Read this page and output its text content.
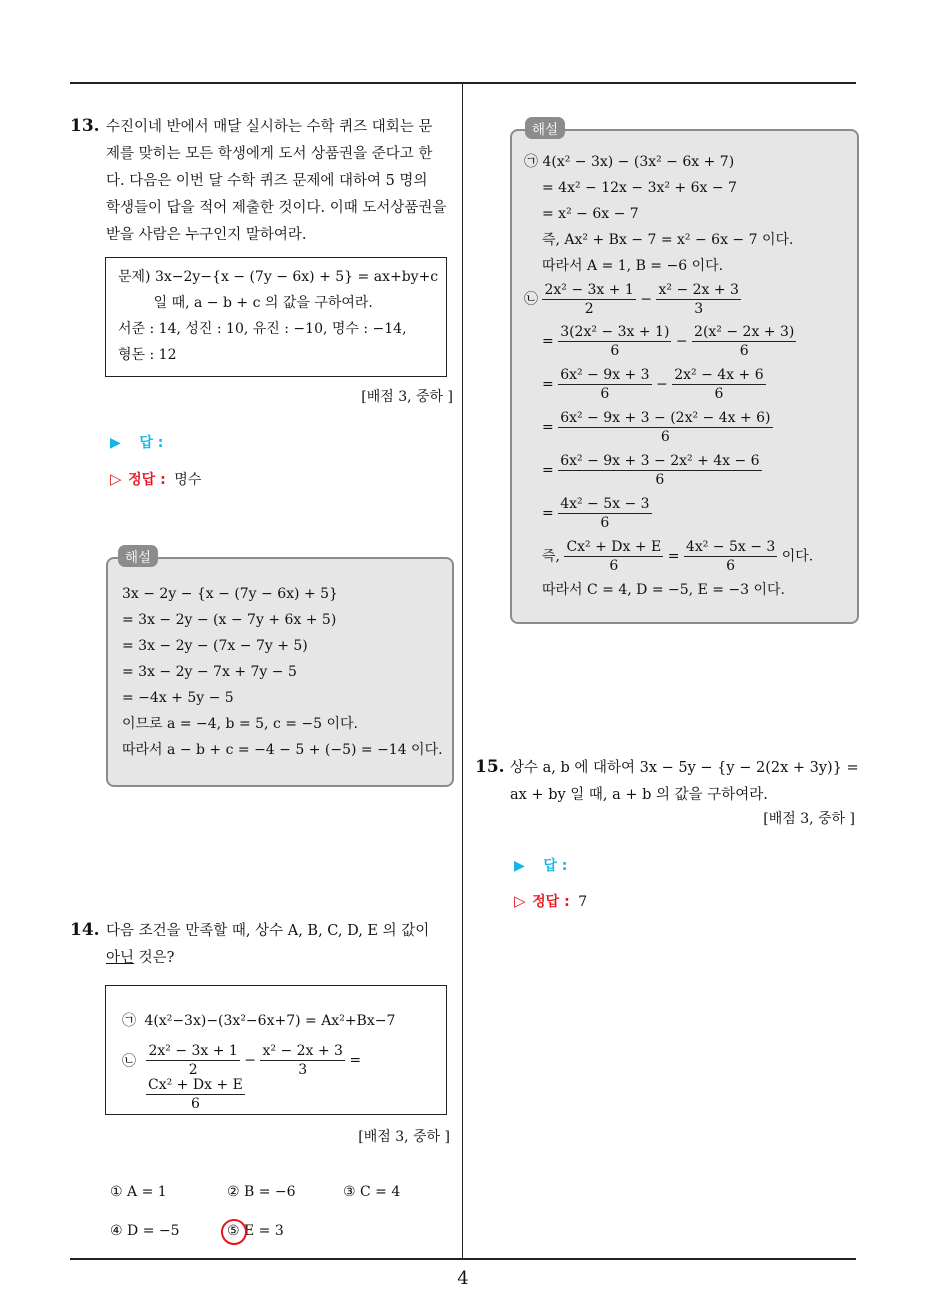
4
13. 수진이네 반에서 매달 실시하는 수학 퀴즈 대회는 문
제를 맞히는 모든 학생에게 도서 상품권을 준다고 한
다. 다음은 이번 달 수학 퀴즈 문제에 대하여 5 명의
학생들이 답을 적어 제출한 것이다. 이때 도서상품권을
받을 사람은 누구인지 말하여라.
문제) 3x−2y−{x − (7y − 6x) + 5} = ax+by+c
일 때, a − b + c 의 값을 구하여라.
서준 : 14, 성진 : 10, 유진 : −10, 명수 : −14,
형돈 : 12
[배점 3, 중하 ]
▶ 답 :
▷ 정답 : 명수
3x − 2y − {x − (7y − 6x) + 5}
= 3x − 2y − (x − 7y + 6x + 5)
= 3x − 2y − (7x − 7y + 5)
= 3x − 2y − 7x + 7y − 5
= −4x + 5y − 5
이므로 a = −4, b = 5, c = −5 이다.
따라서 a − b + c = −4 − 5 + (−5) = −14 이다.
해설
14. 다음 조건을 만족할 때, 상수 A, B, C, D, E 의 값이
아닌 것은?
㉠ 4(x²−3x)−(3x²−6x+7) = Ax²+Bx−7
㉡ $\frac{\text{2x² − 3x + 1}}{2} - \frac{\text{x² − 2x + 3}}{3}$ =
$\frac{\text{Cx² + Dx + E}}{6}$
[배점 3, 중하 ]
① A = 1	② B = −6	③ C = 4
④ D = −5	⑤ E = 3
㉠ 4(x² − 3x) − (3x² − 6x + 7)
= 4x² − 12x − 3x² + 6x − 7
= x² − 6x − 7
즉, Ax² + Bx − 7 = x² − 6x − 7 이다.
따라서 A = 1, B = −6 이다.
㉡ $\frac{\text{2x² − 3x + 1}}{2} - \frac{\text{x² − 2x + 3}}{3}$
= $\frac{\text{3(2x² − 3x + 1)}}{6} - \frac{\text{2(x² − 2x + 3)}}{6}$
= $\frac{\text{6x² − 9x + 3}}{6} - \frac{\text{2x² − 4x + 6}}{6}$
= $\frac{\text{6x² − 9x + 3 − (2x² − 4x + 6)}}{6}$
= $\frac{\text{6x² − 9x + 3 − 2x² + 4x − 6}}{6}$
= $\frac{\text{4x² − 5x − 3}}{6}$
즉, $\frac{\text{Cx² + Dx + E}}{6} = \frac{\text{4x² − 5x − 3}}{6}$ 이다.
따라서 C = 4, D = −5, E = −3 이다.
해설
15. 상수 a, b 에 대하여 3x − 5y − {y − 2(2x + 3y)} =
ax + by 일 때, a + b 의 값을 구하여라.
[배점 3, 중하 ]
▶ 답 :
▷ 정답 : 7
